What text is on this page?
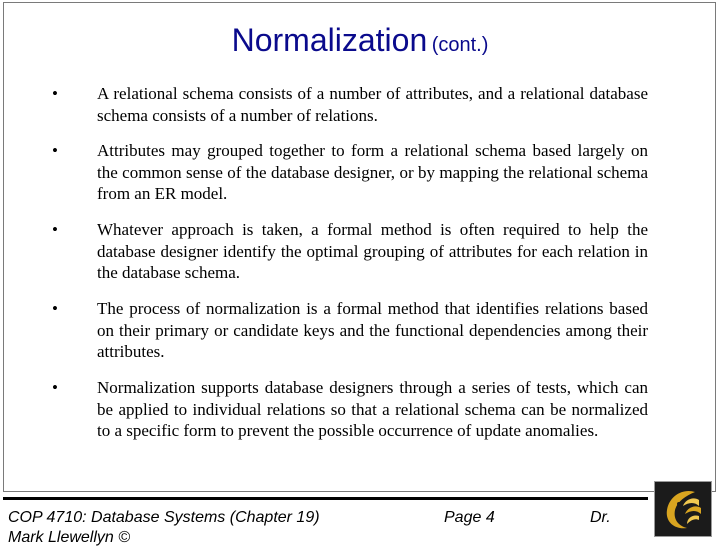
Normalization (cont.)
• A relational schema consists of a number of attributes, and a relational database schema consists of a number of relations.
• Attributes may grouped together to form a relational schema based largely on the common sense of the database designer, or by mapping the relational schema from an ER model.
• Whatever approach is taken, a formal method is often required to help the database designer identify the optimal grouping of attributes for each relation in the database schema.
• The process of normalization is a formal method that identifies relations based on their primary or candidate keys and the functional dependencies among their attributes.
• Normalization supports database designers through a series of tests, which can be applied to individual relations so that a relational schema can be normalized to a specific form to prevent the possible occurrence of update anomalies.
COP 4710: Database Systems (Chapter 19)	Page 4	Dr.
Mark Llewellyn ©
